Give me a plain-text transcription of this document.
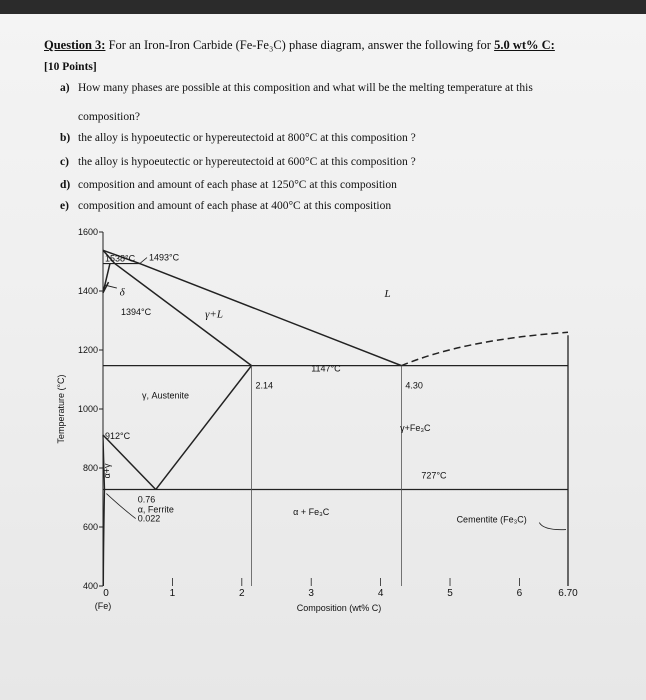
Question 3: For an Iron-Iron Carbide (Fe-Fe₃C) phase diagram, answer the following for 5.0 wt% C:
[10 Points]
a) How many phases are possible at this composition and what will be the melting temperature at this
composition?
b) the alloy is hypoeutectic or hypereutectoid at 800°C at this composition ?
c) the alloy is hypoeutectic or hypereutectoid at 600°C at this composition ?
d) composition and amount of each phase at 1250°C at this composition
e) composition and amount of each phase at 400°C at this composition
400
600
800
1000
1200
1400
1600
Temperature (°C)
0	1	2	3	4	5	6	6.70
(Fe)	Composition (wt% C)
1538°C 1493°C
1394°C
912°C
2.14
1147°C
4.30
727°C
0.76
0.022
L
γ+L
γ, Austenite
γ+Fe₃C
α+γ
δ
α, Ferrite	α + Fe₃C
Cementite (Fe₃C)
